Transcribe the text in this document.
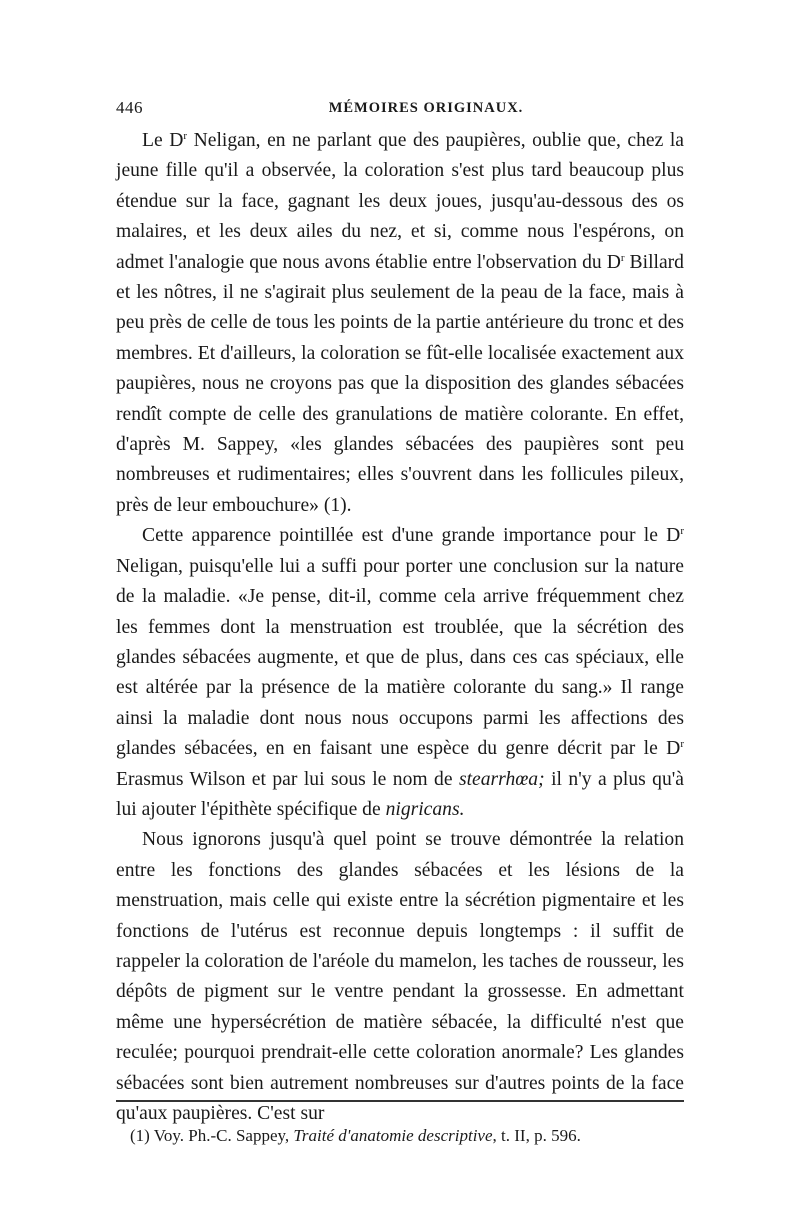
446	MÉMOIRES ORIGINAUX.

Le $D^r$ Neligan, en ne parlant que des paupières, oublie que, chez la jeune fille qu'il a observée, la coloration s'est plus tard beaucoup plus étendue sur la face, gagnant les deux joues, jusqu'au-dessous des os malaires, et les deux ailes du nez, et si, comme nous l'espérons, on admet l'analogie que nous avons établie entre l'observation du $D^r$ Billard et les nôtres, il ne s'agirait plus seulement de la peau de la face, mais à peu près de celle de tous les points de la partie antérieure du tronc et des membres. Et d'ailleurs, la coloration se fût-elle localisée exactement aux paupières, nous ne croyons pas que la disposition des glandes sébacées rendît compte de celle des granulations de matière colorante. En effet, d'après M. Sappey, «les glandes sébacées des paupières sont peu nombreuses et rudimentaires; elles s'ouvrent dans les follicules pileux, près de leur embouchure» (1).

Cette apparence pointillée est d'une grande importance pour le $D^r$ Neligan, puisqu'elle lui a suffi pour porter une conclusion sur la nature de la maladie. «Je pense, dit-il, comme cela arrive fréquemment chez les femmes dont la menstruation est troublée, que la sécrétion des glandes sébacées augmente, et que de plus, dans ces cas spéciaux, elle est altérée par la présence de la matière colorante du sang.» Il range ainsi la maladie dont nous nous occupons parmi les affections des glandes sébacées, en en faisant une espèce du genre décrit par le $D^r$ Erasmus Wilson et par lui sous le nom de stearrhœa; il n'y a plus qu'à lui ajouter l'épithète spécifique de nigricans.

Nous ignorons jusqu'à quel point se trouve démontrée la relation entre les fonctions des glandes sébacées et les lésions de la menstruation, mais celle qui existe entre la sécrétion pigmentaire et les fonctions de l'utérus est reconnue depuis longtemps : il suffit de rappeler la coloration de l'aréole du mamelon, les taches de rousseur, les dépôts de pigment sur le ventre pendant la grossesse. En admettant même une hypersécrétion de matière sébacée, la difficulté n'est que reculée; pourquoi prendrait-elle cette coloration anormale? Les glandes sébacées sont bien autrement nombreuses sur d'autres points de la face qu'aux paupières. C'est sur

(1) Voy. Ph.-C. Sappey, Traité d'anatomie descriptive, t. II, p. 596.
